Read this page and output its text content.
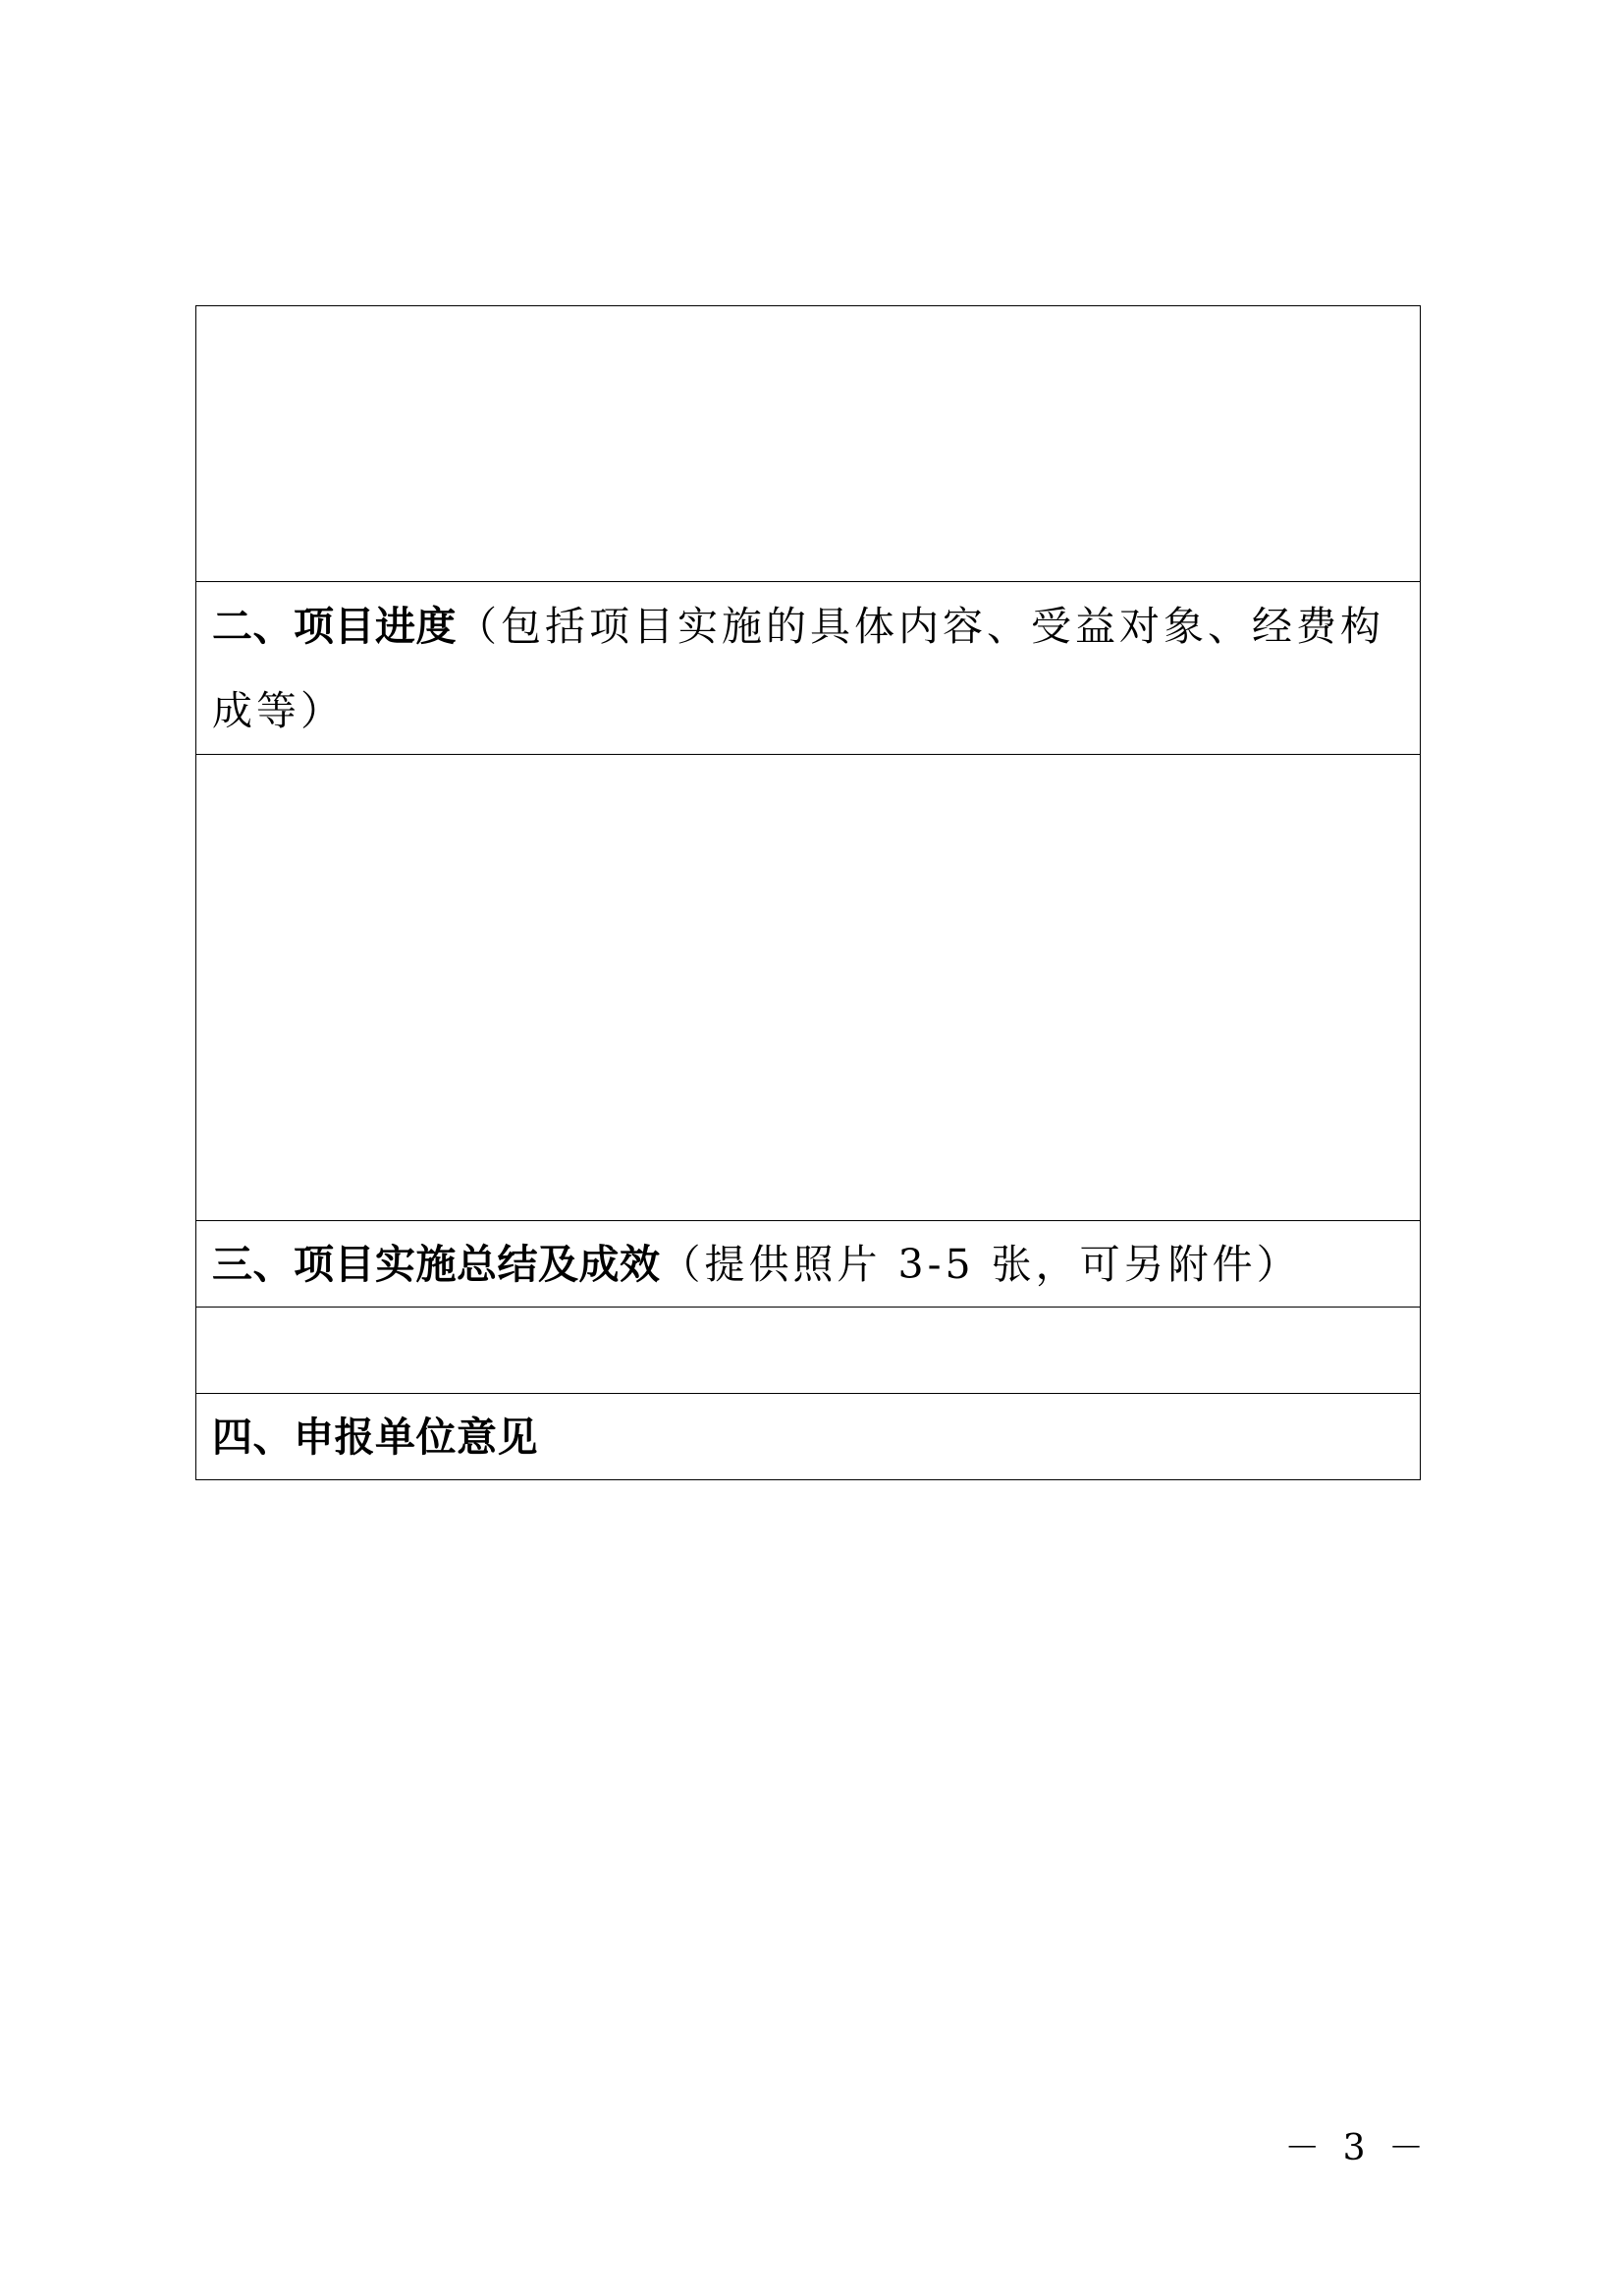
二、项目进度（包括项目实施的具体内容、受益对象、经费构成等）

三、项目实施总结及成效（提供照片 3-5 张，可另附件）

四、申报单位意见
－ 3 －
